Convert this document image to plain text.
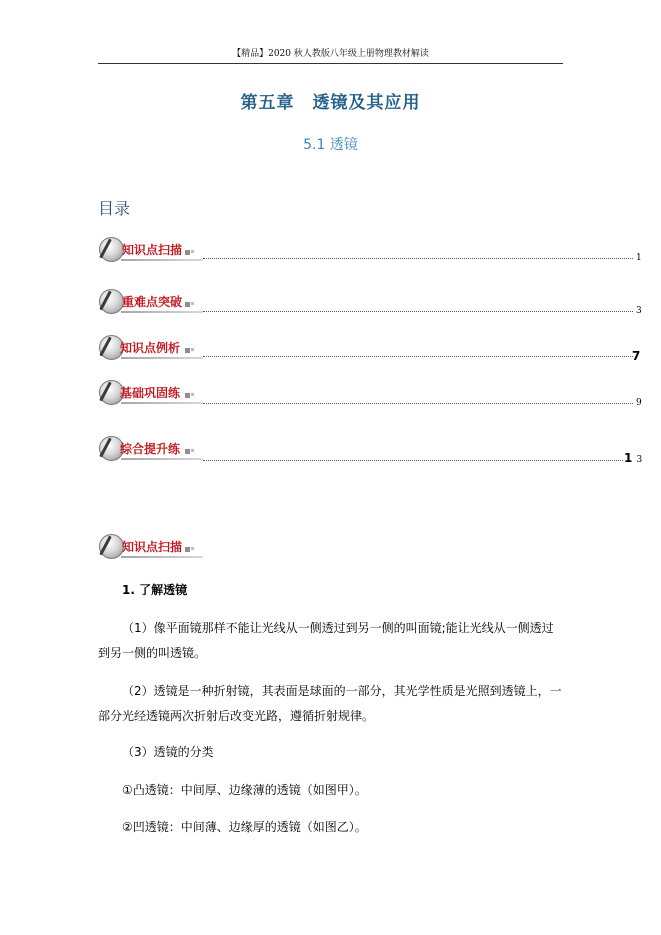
【精品】2020 秋人教版八年级上册物理教材解读
第五章　透镜及其应用
5.1 透镜
目录
知识点扫描
1
重难点突破
3
知识点例析
7
基础巩固练
9
综合提升练
1 3
知识点扫描
1. 了解透镜

（1）像平面镜那样不能让光线从一侧透过到另一侧的叫面镜;能让光线从一侧透过到另一侧的叫透镜。

（2）透镜是一种折射镜，其表面是球面的一部分，其光学性质是光照到透镜上，一部分光经透镜两次折射后改变光路，遵循折射规律。

（3）透镜的分类

①凸透镜：中间厚、边缘薄的透镜（如图甲）。

②凹透镜：中间薄、边缘厚的透镜（如图乙）。
